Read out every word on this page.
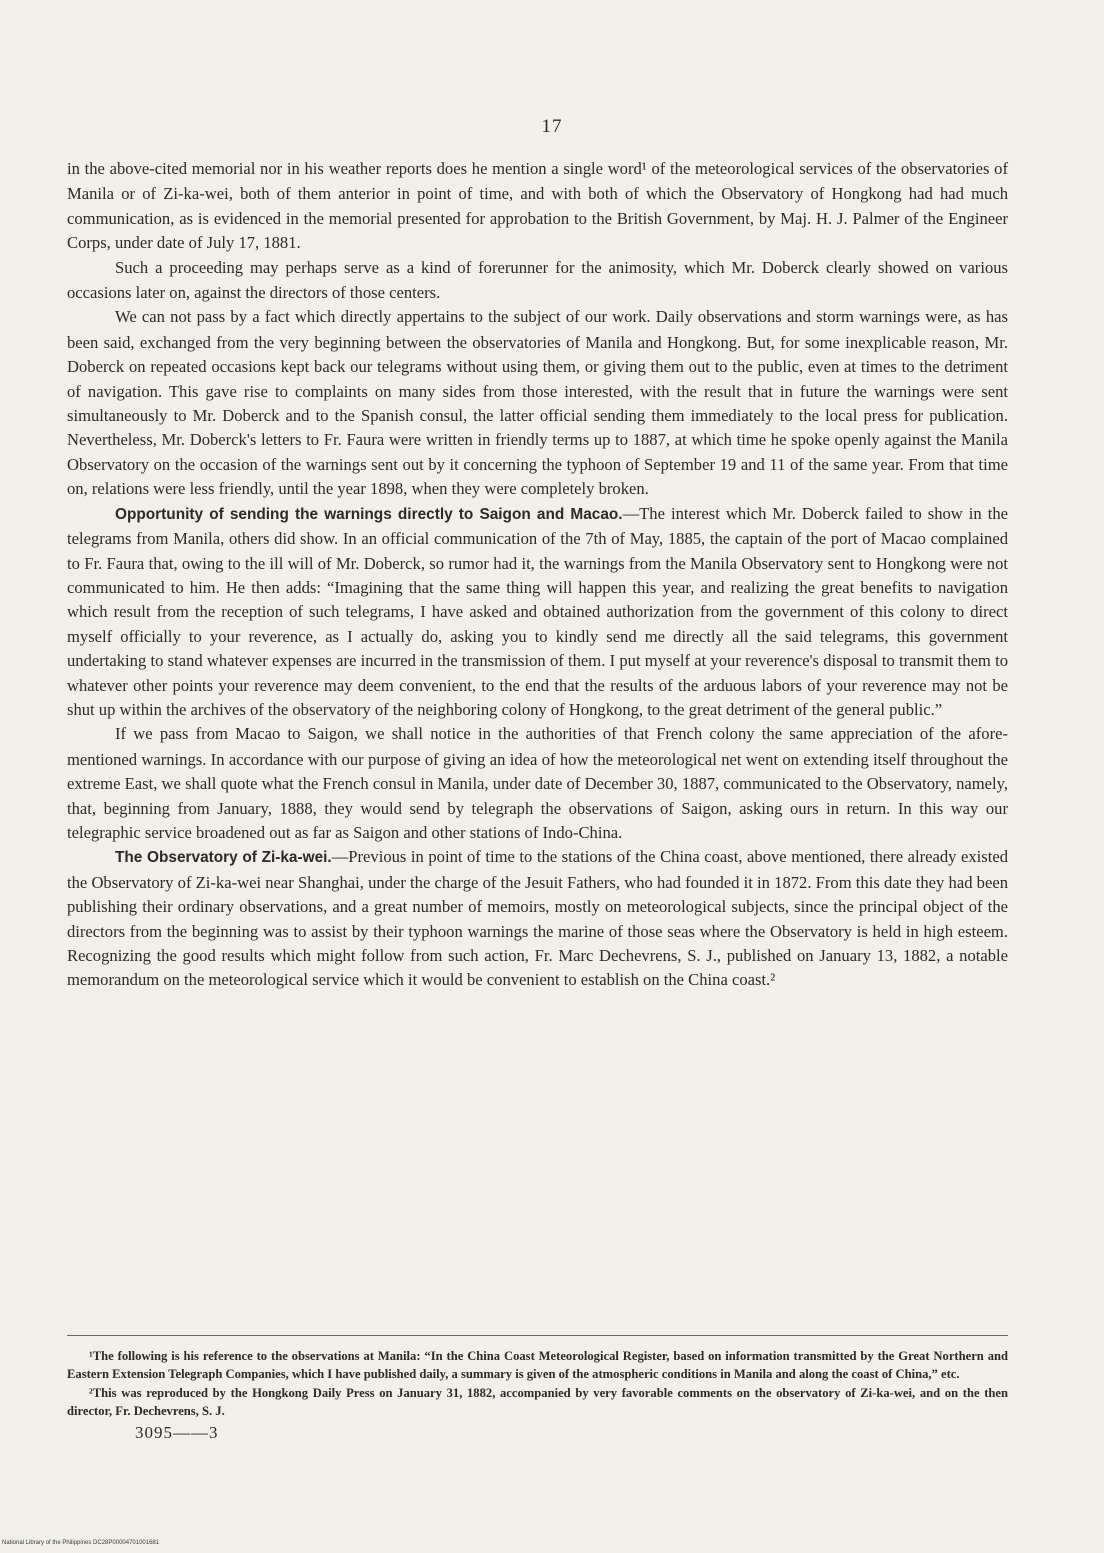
17

in the above-cited memorial nor in his weather reports does he mention a single word¹ of the meteorological services of the observatories of Manila or of Zi-ka-wei, both of them anterior in point of time, and with both of which the Observatory of Hongkong had had much communication, as is evidenced in the memorial presented for approbation to the British Government, by Maj. H. J. Palmer of the Engineer Corps, under date of July 17, 1881.

Such a proceeding may perhaps serve as a kind of forerunner for the animosity, which Mr. Doberck clearly showed on various occasions later on, against the directors of those centers.

We can not pass by a fact which directly appertains to the subject of our work. Daily observations and storm warnings were, as has been said, exchanged from the very beginning between the observatories of Manila and Hongkong. But, for some inexplicable reason, Mr. Doberck on repeated occasions kept back our telegrams without using them, or giving them out to the public, even at times to the detriment of navigation. This gave rise to complaints on many sides from those interested, with the result that in future the warnings were sent simultaneously to Mr. Doberck and to the Spanish consul, the latter official sending them immediately to the local press for publication. Nevertheless, Mr. Doberck's letters to Fr. Faura were written in friendly terms up to 1887, at which time he spoke openly against the Manila Observatory on the occasion of the warnings sent out by it concerning the typhoon of September 19 and 11 of the same year. From that time on, relations were less friendly, until the year 1898, when they were completely broken.

Opportunity of sending the warnings directly to Saigon and Macao.—The interest which Mr. Doberck failed to show in the telegrams from Manila, others did show. In an official communication of the 7th of May, 1885, the captain of the port of Macao complained to Fr. Faura that, owing to the ill will of Mr. Doberck, so rumor had it, the warnings from the Manila Observatory sent to Hongkong were not communicated to him. He then adds: “Imagining that the same thing will happen this year, and realizing the great benefits to navigation which result from the reception of such telegrams, I have asked and obtained authorization from the government of this colony to direct myself officially to your reverence, as I actually do, asking you to kindly send me directly all the said telegrams, this government undertaking to stand whatever expenses are incurred in the transmission of them. I put myself at your reverence's disposal to transmit them to whatever other points your reverence may deem convenient, to the end that the results of the arduous labors of your reverence may not be shut up within the archives of the observatory of the neighboring colony of Hongkong, to the great detriment of the general public.”

If we pass from Macao to Saigon, we shall notice in the authorities of that French colony the same appreciation of the afore-mentioned warnings. In accordance with our purpose of giving an idea of how the meteorological net went on extending itself throughout the extreme East, we shall quote what the French consul in Manila, under date of December 30, 1887, communicated to the Observatory, namely, that, beginning from January, 1888, they would send by telegraph the observations of Saigon, asking ours in return. In this way our telegraphic service broadened out as far as Saigon and other stations of Indo-China.

The Observatory of Zi-ka-wei.—Previous in point of time to the stations of the China coast, above mentioned, there already existed the Observatory of Zi-ka-wei near Shanghai, under the charge of the Jesuit Fathers, who had founded it in 1872. From this date they had been publishing their ordinary observations, and a great number of memoirs, mostly on meteorological subjects, since the principal object of the directors from the beginning was to assist by their typhoon warnings the marine of those seas where the Observatory is held in high esteem. Recognizing the good results which might follow from such action, Fr. Marc Dechevrens, S. J., published on January 13, 1882, a notable memorandum on the meteorological service which it would be convenient to establish on the China coast.²

¹The following is his reference to the observations at Manila: “In the China Coast Meteorological Register, based on information transmitted by the Great Northern and Eastern Extension Telegraph Companies, which I have published daily, a summary is given of the atmospheric conditions in Manila and along the coast of China,” etc.

²This was reproduced by the Hongkong Daily Press on January 31, 1882, accompanied by very favorable comments on the observatory of Zi-ka-wei, and on the then director, Fr. Dechevrens, S. J.

3095——3
National Library of the Philippines DC28P00004701001681
